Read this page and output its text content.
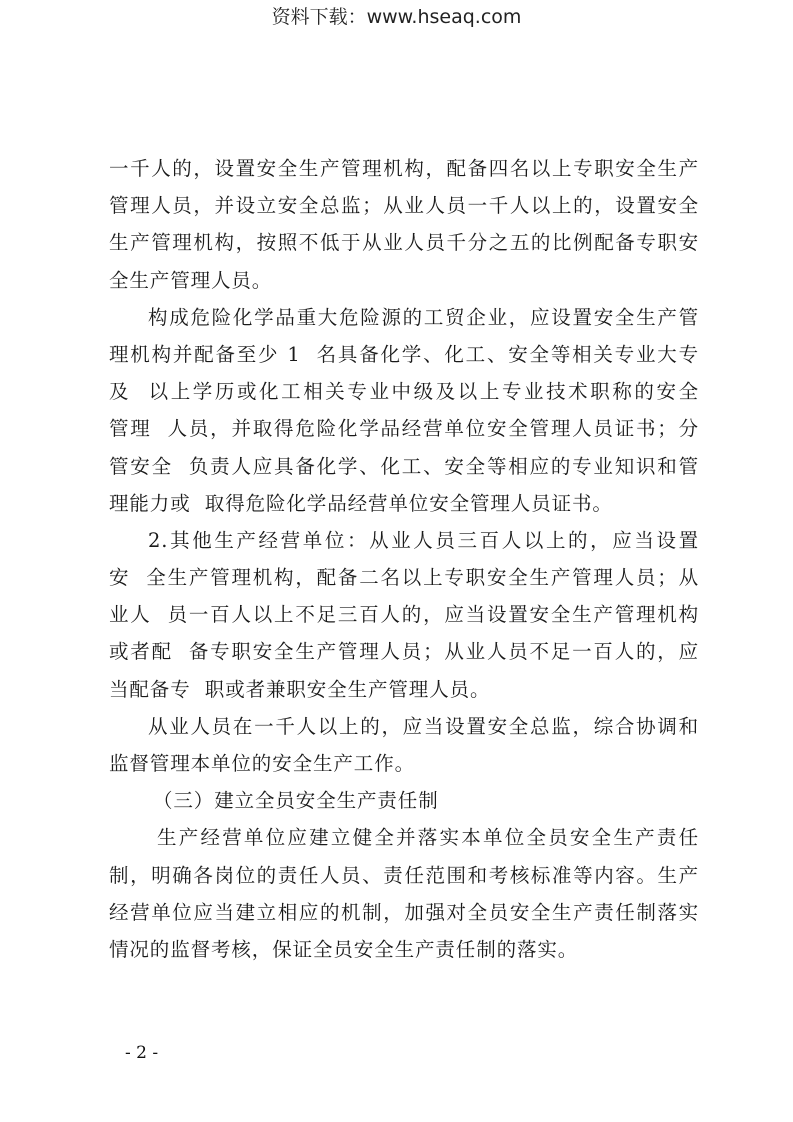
资料下载：www.hseaq.com
一千人的，设置安全生产管理机构，配备四名以上专职安全生产
管理人员，并设立安全总监；从业人员一千人以上的，设置安全
生产管理机构，按照不低于从业人员千分之五的比例配备专职安
全生产管理人员。
构成危险化学品重大危险源的工贸企业，应设置安全生产管
理机构并配备至少 1  名具备化学、化工、安全等相关专业大专
及  以上学历或化工相关专业中级及以上专业技术职称的安全
管理  人员，并取得危险化学品经营单位安全管理人员证书；分
管安全  负责人应具备化学、化工、安全等相应的专业知识和管
理能力或  取得危险化学品经营单位安全管理人员证书。
2.其他生产经营单位：从业人员三百人以上的，应当设置
安  全生产管理机构，配备二名以上专职安全生产管理人员；从
业人  员一百人以上不足三百人的，应当设置安全生产管理机构
或者配  备专职安全生产管理人员；从业人员不足一百人的，应
当配备专  职或者兼职安全生产管理人员。
从业人员在一千人以上的，应当设置安全总监，综合协调和
监督管理本单位的安全生产工作。
（三）建立全员安全生产责任制
生产经营单位应建立健全并落实本单位全员安全生产责任
制，明确各岗位的责任人员、责任范围和考核标准等内容。生产
经营单位应当建立相应的机制，加强对全员安全生产责任制落实
情况的监督考核，保证全员安全生产责任制的落实。
- 2 -
